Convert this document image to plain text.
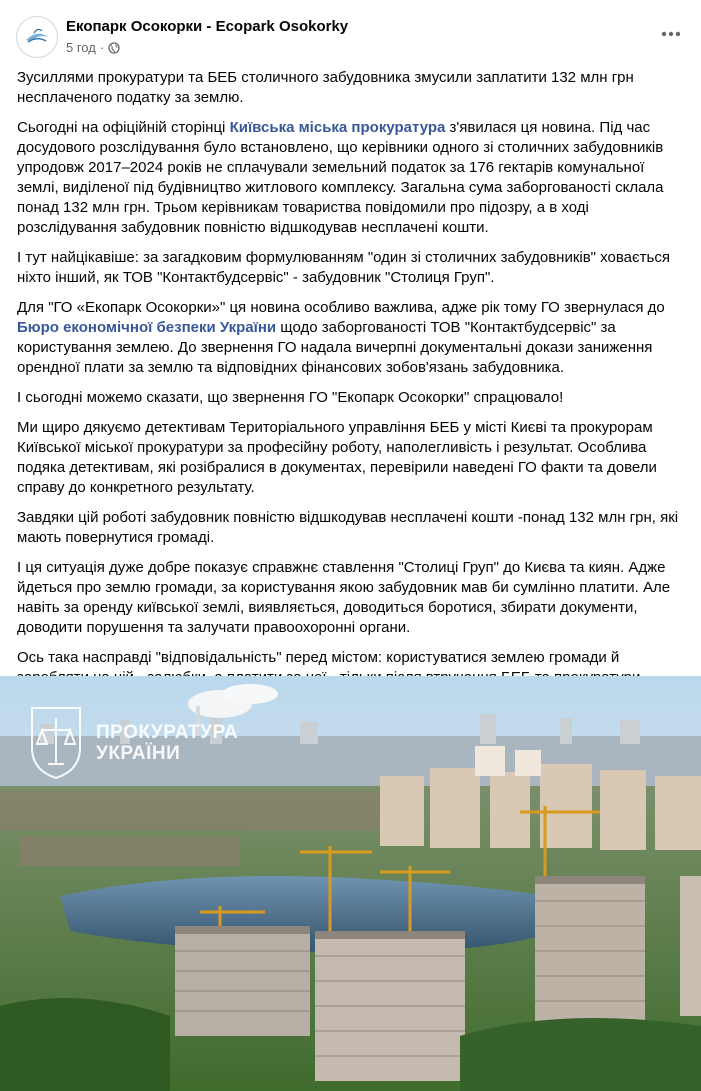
Екопарк Осокорки - Ecopark Osokorky
5 год ·

Зусиллями прокуратури та БЕБ столичного забудовника змусили заплатити 132 млн грн несплаченого податку за землю.

Сьогодні на офіційній сторінці Київська міська прокуратура з'явилася ця новина. Під час досудового розслідування було встановлено, що керівники одного зі столичних забудовників упродовж 2017–2024 років не сплачували земельний податок за 176 гектарів комунальної землі, виділеної під будівництво житлового комплексу. Загальна сума заборгованості склала понад 132 млн грн. Трьом керівникам товариства повідомили про підозру, а в ході розслідування забудовник повністю відшкодував несплачені кошти.

І тут найцікавіше: за загадковим формулюванням "один зі столичних забудовників" ховається ніхто інший, як ТОВ "Контактбудсервіс" - забудовник "Столиця Груп".

Для "ГО «Екопарк Осокорки»" ця новина особливо важлива, адже рік тому ГО звернулася до Бюро економічної безпеки України щодо заборгованості ТОВ "Контактбудсервіс" за користування землею. До звернення ГО надала вичерпні документальні докази заниження орендної плати за землю та відповідних фінансових зобов'язань забудовника.

І сьогодні можемо сказати, що звернення ГО "Екопарк Осокорки" спрацювало!

Ми щиро дякуємо детективам Територіального управління БЕБ у місті Києві та прокурорам Київської міської прокуратури за професійну роботу, наполегливість і результат. Особлива подяка детективам, які розібралися в документах, перевірили наведені ГО факти та довели справу до конкретного результату.

Завдяки цій роботі забудовник повністю відшкодував несплачені кошти -понад 132 млн грн, які мають повернутися громаді.

І ця ситуація дуже добре показує справжнє ставлення "Столиці Груп" до Києва та киян. Адже йдеться про землю громади, за користування якою забудовник мав би сумлінно платити. Але навіть за оренду київської землі, виявляється, доводиться боротися, збирати документи, доводити порушення та залучати правоохоронні органи.

Ось така насправді "відповідальність" перед містом: користуватися землею громади й

ПРОКУРАТУРА
УКРАЇНИ
